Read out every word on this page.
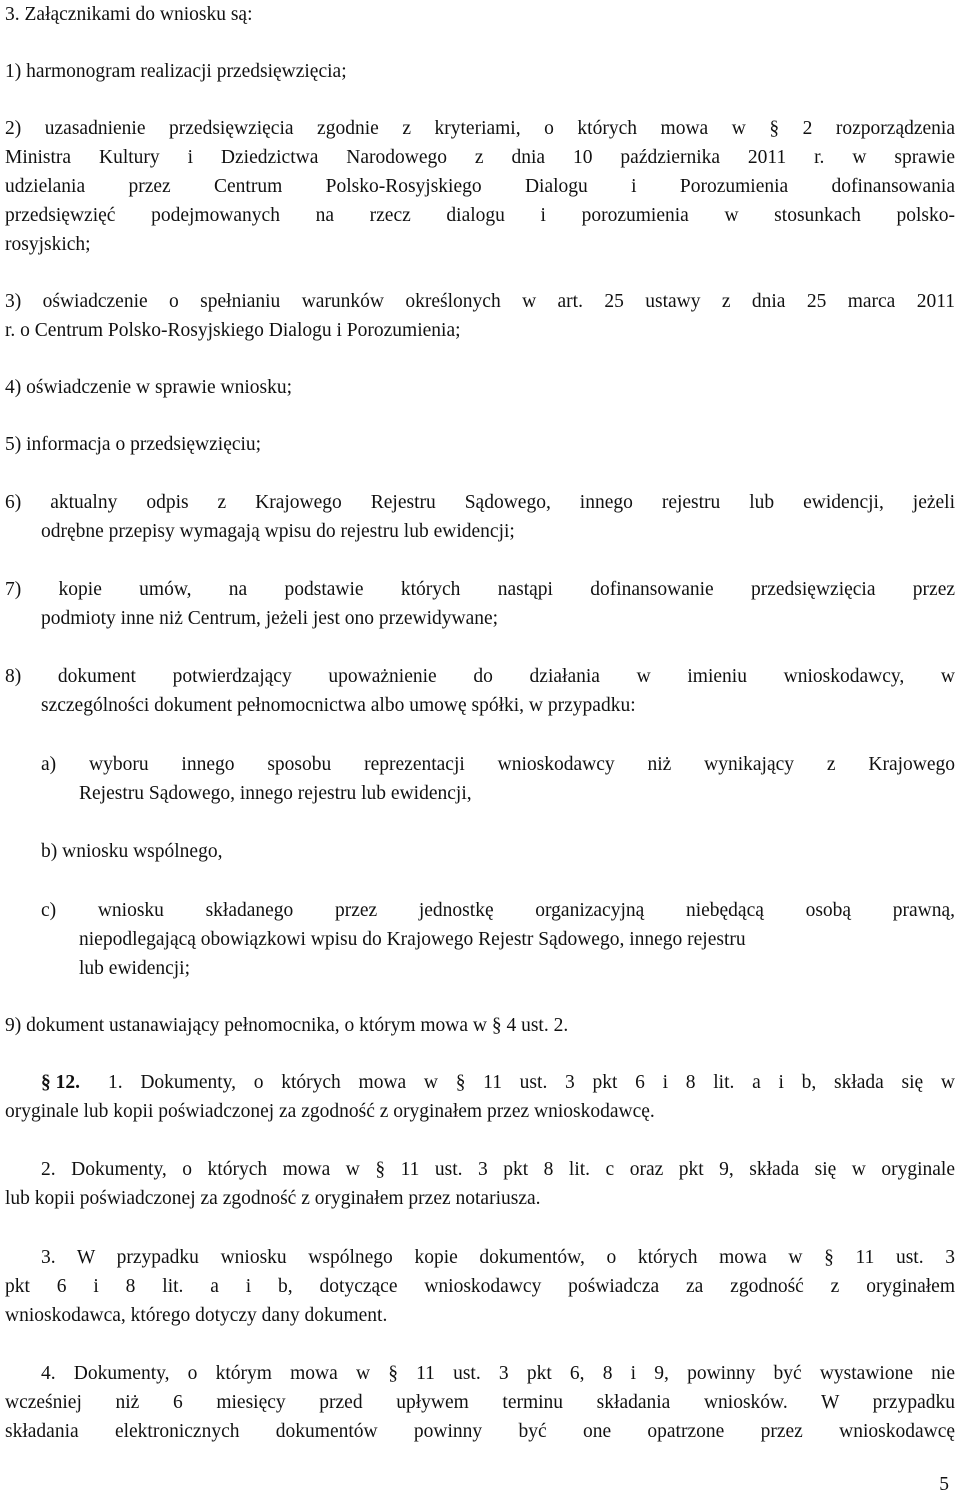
3. Załącznikami do wniosku są:
1) harmonogram realizacji przedsięwzięcia;
2) uzasadnienie przedsięwzięcia zgodnie z kryteriami, o których mowa w § 2 rozporządzenia
Ministra Kultury i Dziedzictwa Narodowego z dnia 10 października 2011 r. w sprawie
udzielania przez Centrum Polsko-Rosyjskiego Dialogu i Porozumienia dofinansowania
przedsięwzięć podejmowanych na rzecz dialogu i porozumienia w stosunkach polsko-
rosyjskich;
3) oświadczenie o spełnianiu warunków określonych w art. 25 ustawy z dnia 25 marca 2011
r. o Centrum Polsko-Rosyjskiego Dialogu i Porozumienia;
4) oświadczenie w sprawie wniosku;
5) informacja o przedsięwzięciu;
6) aktualny odpis z Krajowego Rejestru Sądowego, innego rejestru lub ewidencji, jeżeli
odrębne przepisy wymagają wpisu do rejestru lub ewidencji;
7) kopie umów, na podstawie których nastąpi dofinansowanie przedsięwzięcia przez
podmioty inne niż Centrum, jeżeli jest ono przewidywane;
8) dokument potwierdzający upoważnienie do działania w imieniu wnioskodawcy, w
szczególności dokument pełnomocnictwa albo umowę spółki, w przypadku:
a) wyboru innego sposobu reprezentacji wnioskodawcy niż wynikający z Krajowego
Rejestru Sądowego, innego rejestru lub ewidencji,
b) wniosku wspólnego,
c) wniosku składanego przez jednostkę organizacyjną niebędącą osobą prawną,
niepodlegającą obowiązkowi wpisu do Krajowego Rejestr Sądowego, innego rejestru
lub ewidencji;
9) dokument ustanawiający pełnomocnika, o którym mowa w § 4 ust. 2.
§ 12. 1. Dokumenty, o których mowa w § 11 ust. 3 pkt 6 i 8 lit. a i b, składa się w
oryginale lub kopii poświadczonej za zgodność z oryginałem przez wnioskodawcę.
2. Dokumenty, o których mowa w § 11 ust. 3 pkt 8 lit. c oraz pkt 9, składa się w oryginale
lub kopii poświadczonej za zgodność z oryginałem przez notariusza.
3. W przypadku wniosku wspólnego kopie dokumentów, o których mowa w § 11 ust. 3
pkt 6 i 8 lit. a i b, dotyczące wnioskodawcy poświadcza za zgodność z oryginałem
wnioskodawca, którego dotyczy dany dokument.
4. Dokumenty, o którym mowa w § 11 ust. 3 pkt 6, 8 i 9, powinny być wystawione nie
wcześniej niż 6 miesięcy przed upływem terminu składania wniosków. W przypadku
składania elektronicznych dokumentów powinny być one opatrzone przez wnioskodawcę
5
